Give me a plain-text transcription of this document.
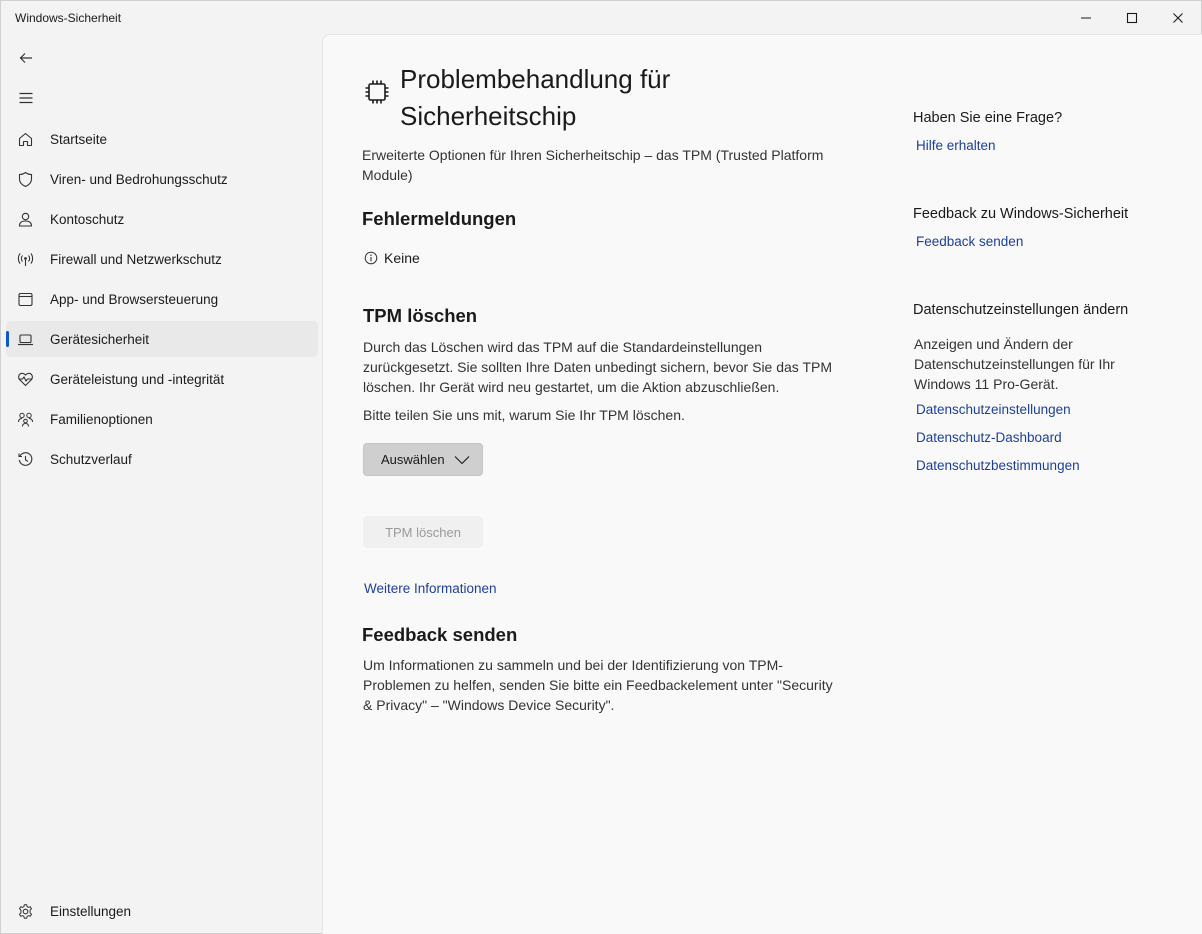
Windows-Sicherheit
Startseite
Viren- und Bedrohungsschutz
Kontoschutz
Firewall und Netzwerkschutz
App- und Browsersteuerung
Gerätesicherheit
Geräteleistung und -integrität
Familienoptionen
Schutzverlauf
Einstellungen
Problembehandlung für Sicherheitschip

Erweiterte Optionen für Ihren Sicherheitschip – das TPM (Trusted Platform Module)

Fehlermeldungen
Keine
TPM löschen

Durch das Löschen wird das TPM auf die Standardeinstellungen zurückgesetzt. Sie sollten Ihre Daten unbedingt sichern, bevor Sie das TPM löschen. Ihr Gerät wird neu gestartet, um die Aktion abzuschließen.

Bitte teilen Sie uns mit, warum Sie Ihr TPM löschen.

Auswählen
TPM löschen
Weitere Informationen
Feedback senden

Um Informationen zu sammeln und bei der Identifizierung von TPM-Problemen zu helfen, senden Sie bitte ein Feedbackelement unter "Security & Privacy" – "Windows Device Security".

Haben Sie eine Frage?
Hilfe erhalten
Feedback zu Windows-Sicherheit
Feedback senden
Datenschutzeinstellungen ändern

Anzeigen und Ändern der Datenschutzeinstellungen für Ihr Windows 11 Pro-Gerät.

Datenschutzeinstellungen
Datenschutz-Dashboard
Datenschutzbestimmungen
